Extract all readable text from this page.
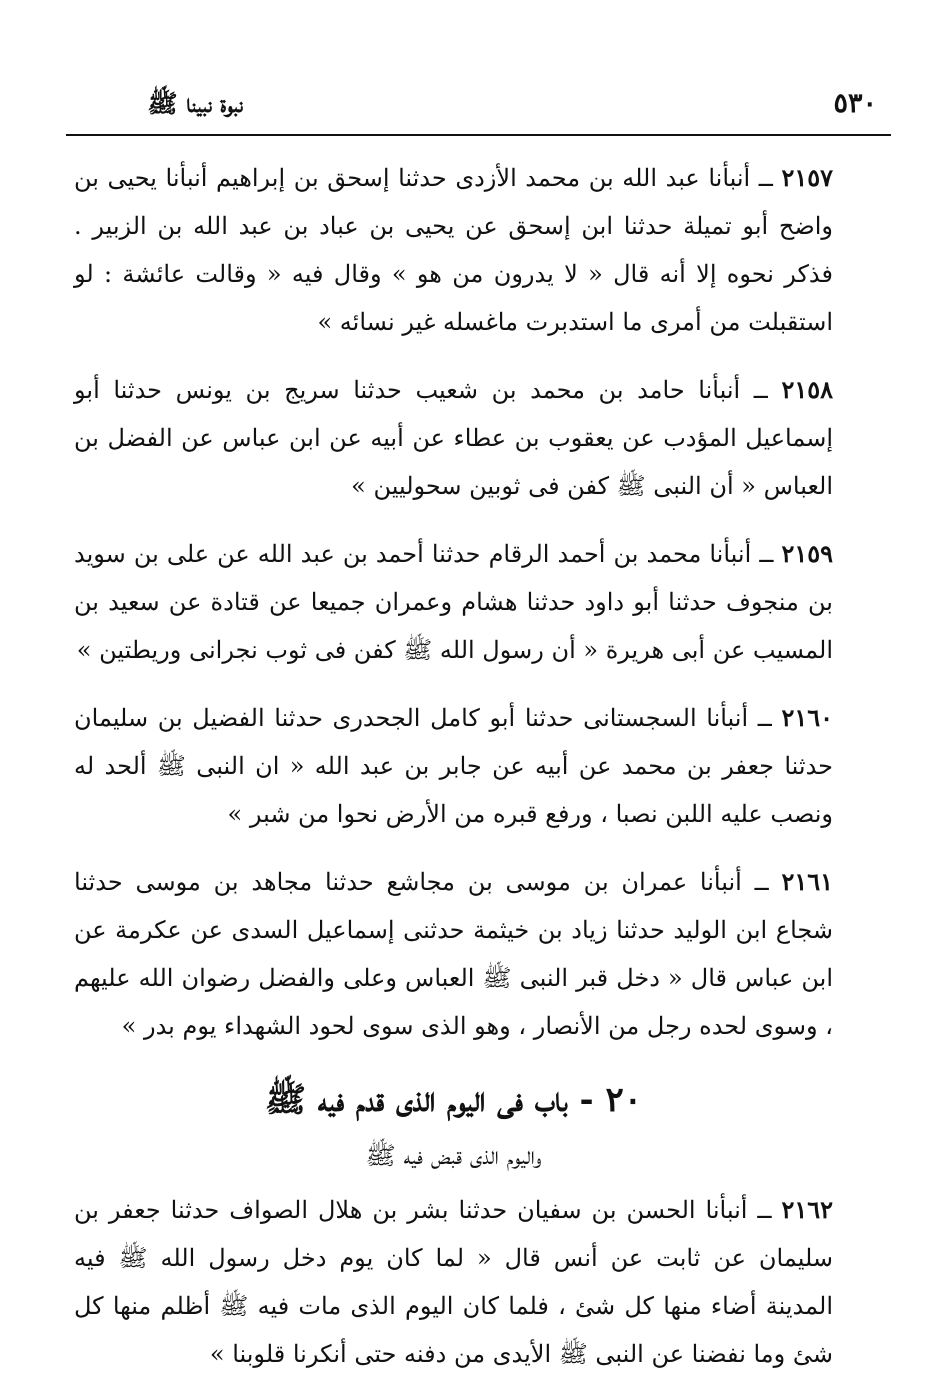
٥٣٠
نبوة نبينا ﷺ

٢١٥٧ ــ أنبأنا عبد الله بن محمد الأزدى حدثنا إسحق بن إبراهيم أنبأنا يحيى بن واضح أبو تميلة حدثنا ابن إسحق عن يحيى بن عباد بن عبد الله بن الزبير . فذكر نحوه إلا أنه قال « لا يدرون من هو » وقال فيه « وقالت عائشة : لو استقبلت من أمرى ما استدبرت ماغسله غير نسائه »

٢١٥٨ ــ أنبأنا حامد بن محمد بن شعيب حدثنا سريج بن يونس حدثنا أبو إسماعيل المؤدب عن يعقوب بن عطاء عن أبيه عن ابن عباس عن الفضل بن العباس « أن النبى ﷺ كفن فى ثوبين سحوليين »

٢١٥٩ ــ أنبأنا محمد بن أحمد الرقام حدثنا أحمد بن عبد الله عن على بن سويد بن منجوف حدثنا أبو داود حدثنا هشام وعمران جميعا عن قتادة عن سعيد بن المسيب عن أبى هريرة « أن رسول الله ﷺ كفن فى ثوب نجرانى وريطتين »

٢١٦٠ ــ أنبأنا السجستانى حدثنا أبو كامل الجحدرى حدثنا الفضيل بن سليمان حدثنا جعفر بن محمد عن أبيه عن جابر بن عبد الله « ان النبى ﷺ ألحد له ونصب عليه اللبن نصبا ، ورفع قبره من الأرض نحوا من شبر »

٢١٦١ ــ أنبأنا عمران بن موسى بن مجاشع حدثنا مجاهد بن موسى حدثنا شجاع ابن الوليد حدثنا زياد بن خيثمة حدثنى إسماعيل السدى عن عكرمة عن ابن عباس قال « دخل قبر النبى ﷺ العباس وعلى والفضل رضوان الله عليهم ، وسوى لحده رجل من الأنصار ، وهو الذى سوى لحود الشهداء يوم بدر »

٢٠ - باب فى اليوم الذى قدم فيه ﷺ
واليوم الذى قبض فيه ﷺ

٢١٦٢ ــ أنبأنا الحسن بن سفيان حدثنا بشر بن هلال الصواف حدثنا جعفر بن سليمان عن ثابت عن أنس قال « لما كان يوم دخل رسول الله ﷺ فيه المدينة أضاء منها كل شئ ، فلما كان اليوم الذى مات فيه ﷺ أظلم منها كل شئ وما نفضنا عن النبى ﷺ الأيدى من دفنه حتى أنكرنا قلوبنا »
